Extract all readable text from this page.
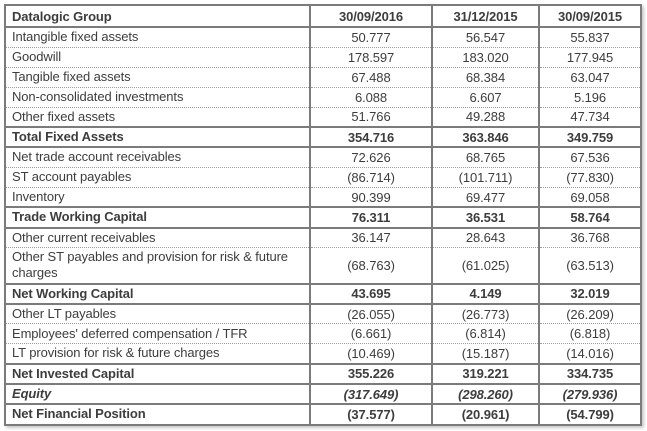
Datalogic Group	30/09/2016	31/12/2015	30/09/2015
Intangible fixed assets	50.777	56.547	55.837
Goodwill	178.597	183.020	177.945
Tangible fixed assets	67.488	68.384	63.047
Non-consolidated investments	6.088	6.607	5.196
Other fixed assets	51.766	49.288	47.734
Total Fixed Assets	354.716	363.846	349.759
Net trade account receivables	72.626	68.765	67.536
ST account payables	(86.714)	(101.711)	(77.830)
Inventory	90.399	69.477	69.058
Trade Working Capital	76.311	36.531	58.764
Other current receivables	36.147	28.643	36.768
Other ST payables and provision for risk & future charges	(68.763)	(61.025)	(63.513)
Net Working Capital	43.695	4.149	32.019
Other LT payables	(26.055)	(26.773)	(26.209)
Employees' deferred compensation / TFR	(6.661)	(6.814)	(6.818)
LT provision for risk & future charges	(10.469)	(15.187)	(14.016)
Net Invested Capital	355.226	319.221	334.735
Equity	(317.649)	(298.260)	(279.936)
Net Financial Position	(37.577)	(20.961)	(54.799)
